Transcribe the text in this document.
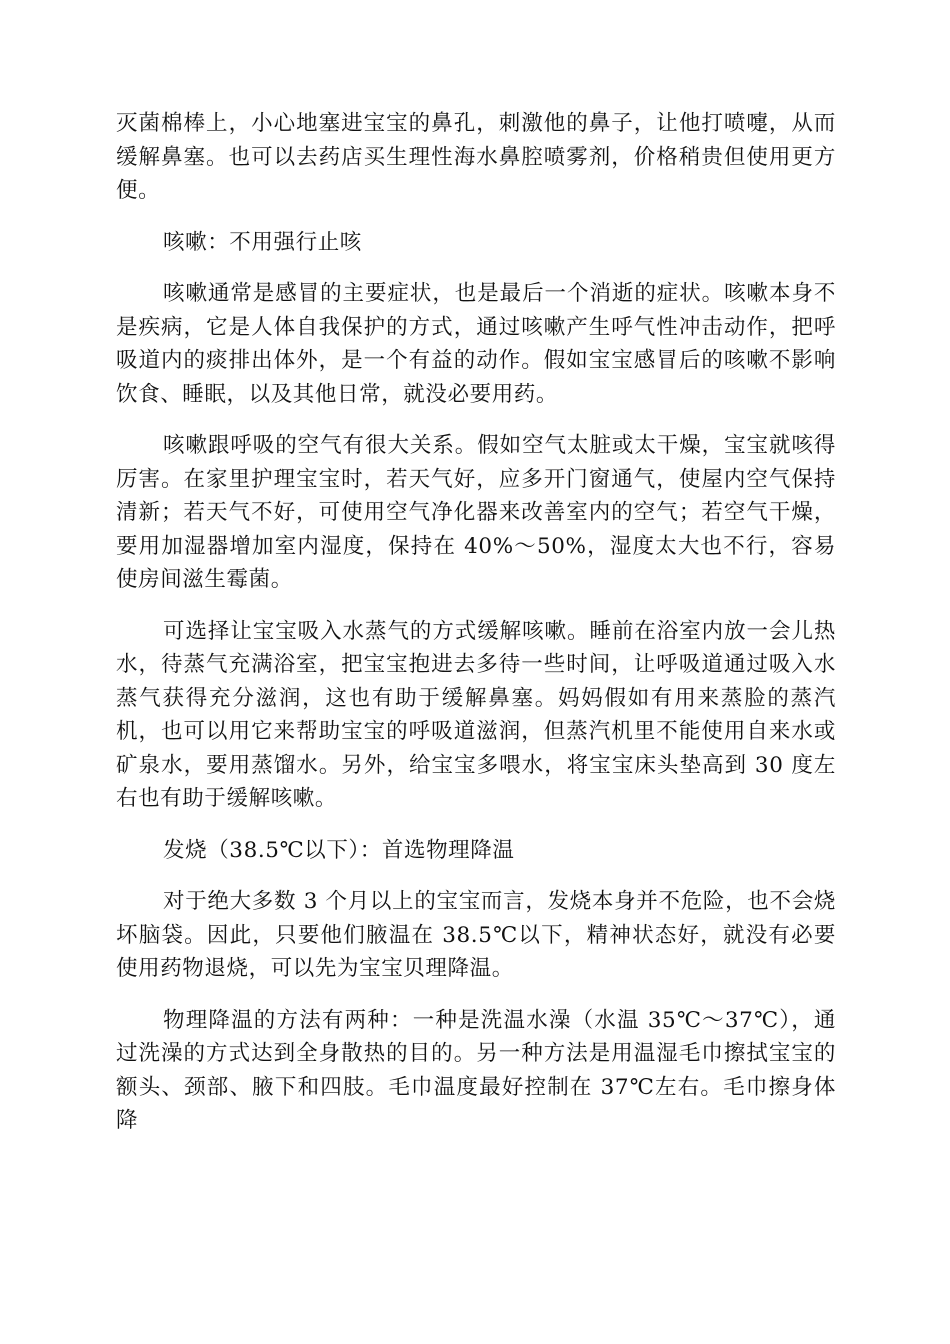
灭菌棉棒上，小心地塞进宝宝的鼻孔，刺激他的鼻子，让他打喷嚏，从而缓解鼻塞。也可以去药店买生理性海水鼻腔喷雾剂，价格稍贵但使用更方便。

咳嗽：不用强行止咳

咳嗽通常是感冒的主要症状，也是最后一个消逝的症状。咳嗽本身不是疾病，它是人体自我保护的方式，通过咳嗽产生呼气性冲击动作，把呼吸道内的痰排出体外，是一个有益的动作。假如宝宝感冒后的咳嗽不影响饮食、睡眠，以及其他日常，就没必要用药。

咳嗽跟呼吸的空气有很大关系。假如空气太脏或太干燥，宝宝就咳得厉害。在家里护理宝宝时，若天气好，应多开门窗通气，使屋内空气保持清新；若天气不好，可使用空气净化器来改善室内的空气；若空气干燥，要用加湿器增加室内湿度，保持在 40%～50%，湿度太大也不行，容易使房间滋生霉菌。

可选择让宝宝吸入水蒸气的方式缓解咳嗽。睡前在浴室内放一会儿热水，待蒸气充满浴室，把宝宝抱进去多待一些时间，让呼吸道通过吸入水蒸气获得充分滋润，这也有助于缓解鼻塞。妈妈假如有用来蒸脸的蒸汽机，也可以用它来帮助宝宝的呼吸道滋润，但蒸汽机里不能使用自来水或矿泉水，要用蒸馏水。另外，给宝宝多喂水，将宝宝床头垫高到 30 度左右也有助于缓解咳嗽。

发烧（38.5℃以下）：首选物理降温

对于绝大多数 3 个月以上的宝宝而言，发烧本身并不危险，也不会烧坏脑袋。因此，只要他们腋温在 38.5℃以下，精神状态好，就没有必要使用药物退烧，可以先为宝宝贝理降温。

物理降温的方法有两种：一种是洗温水澡（水温 35℃～37℃），通过洗澡的方式达到全身散热的目的。另一种方法是用温湿毛巾擦拭宝宝的额头、颈部、腋下和四肢。毛巾温度最好控制在 37℃左右。毛巾擦身体降
